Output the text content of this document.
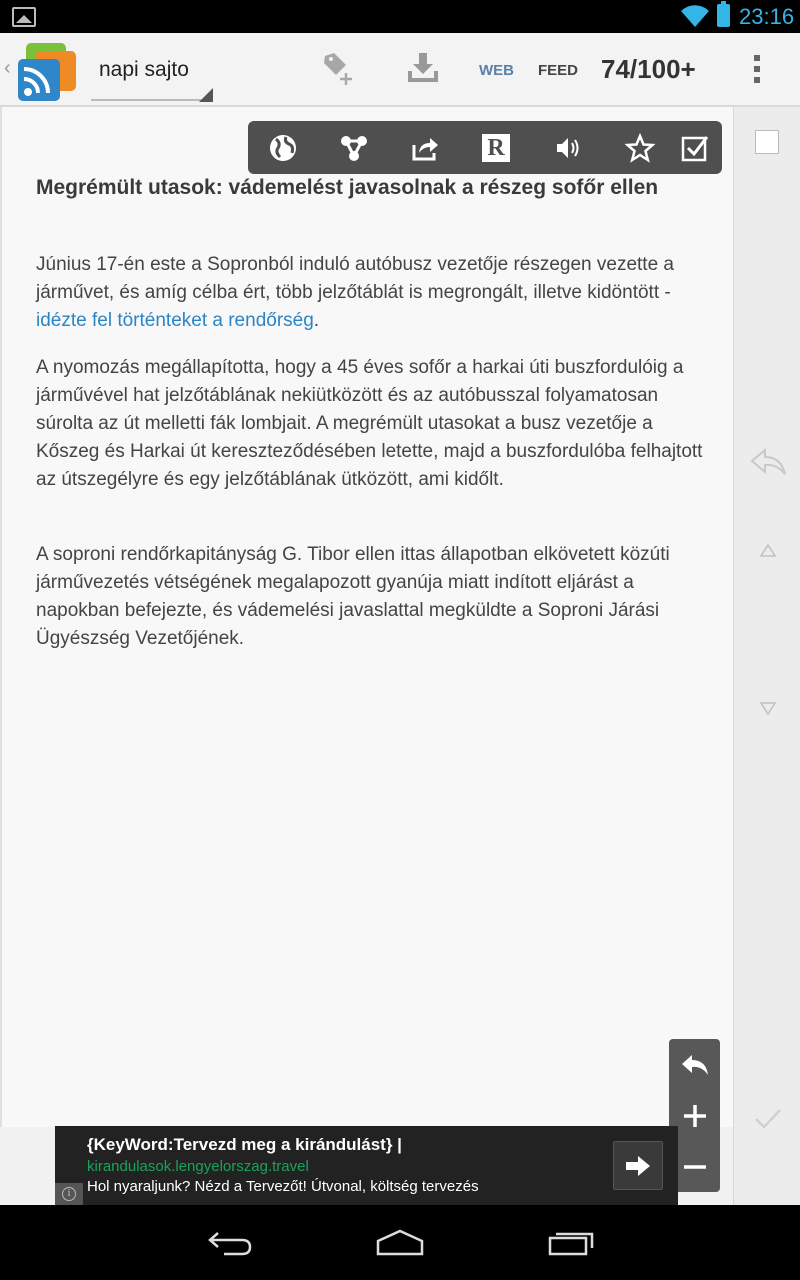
23:16
‹	napi sajto	WEB FEED 74/100+
R
Megrémült utasok: vádemelést javasolnak a részeg sofőr ellen
Június 17-én este a Sopronból induló autóbusz vezetője részegen vezette a járművet, és amíg célba ért, több jelzőtáblát is megrongált, illetve kidöntött - idézte fel történteket a rendőrség.
A nyomozás megállapította, hogy a 45 éves sofőr a harkai úti buszfordulóig a járművével hat jelzőtáblának nekiütközött és az autóbusszal folyamatosan súrolta az út melletti fák lombjait. A megrémült utasokat a busz vezetője a Kőszeg és Harkai út kereszteződésében letette, majd a buszfordulóba felhajtott az útszegélyre és egy jelzőtáblának ütközött, ami kidőlt.
A soproni rendőrkapitányság G. Tibor ellen ittas állapotban elkövetett közúti járművezetés vétségének megalapozott gyanúja miatt indított eljárást a napokban befejezte, és vádemelési javaslattal megküldte a Soproni Járási Ügyészség Vezetőjének.
{KeyWord:Tervezd meg a kirándulást} |
kirandulasok.lengyelorszag.travel
Hol nyaraljunk? Nézd a Tervezőt! Útvonal, költség tervezés
i
